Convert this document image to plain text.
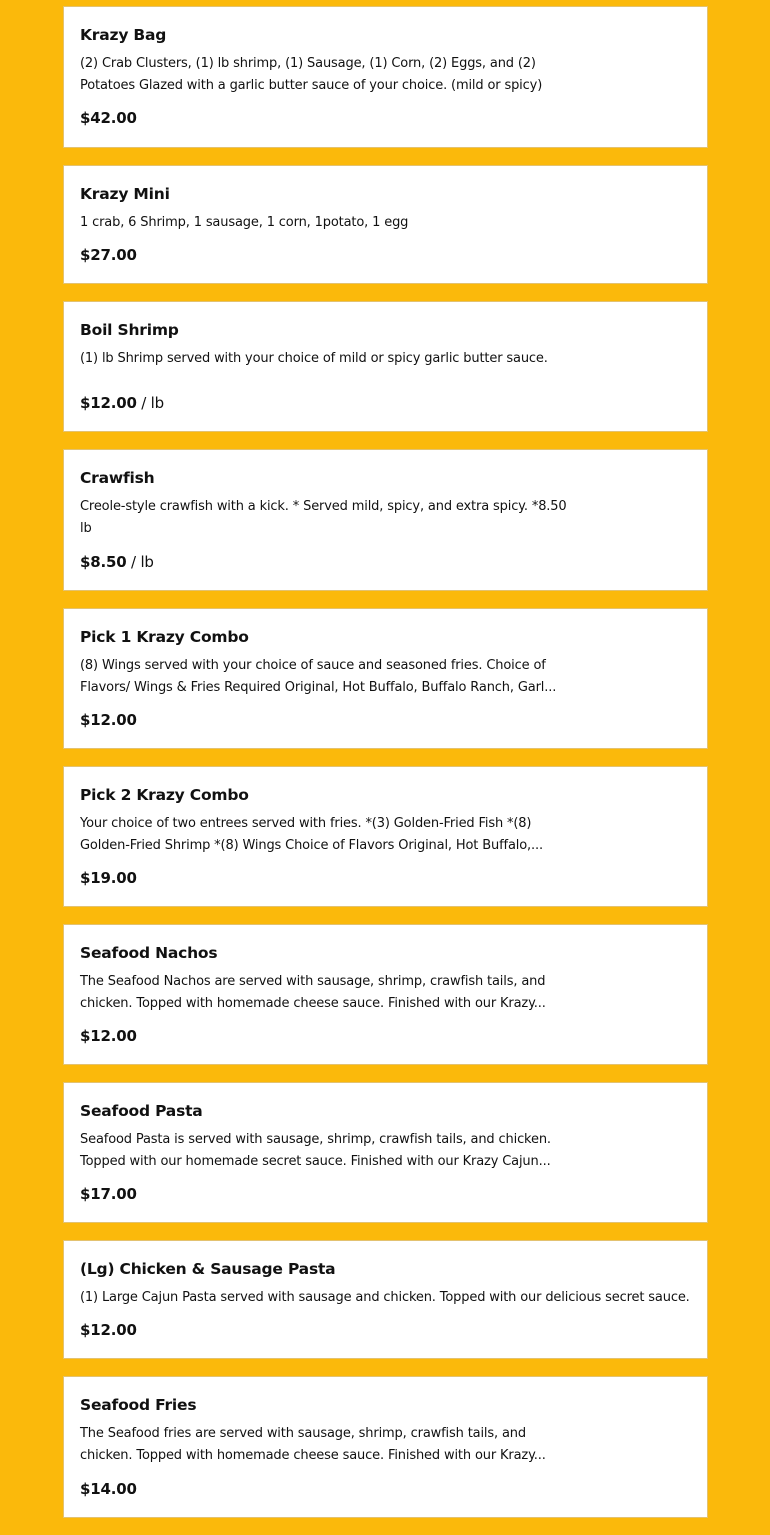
Krazy Bag
(2) Crab Clusters, (1) lb shrimp, (1) Sausage, (1) Corn, (2) Eggs, and (2) Potatoes Glazed with a garlic butter sauce of your choice. (mild or spicy)
$42.00
Krazy Mini
1 crab, 6 Shrimp, 1 sausage, 1 corn, 1potato, 1 egg
$27.00
Boil Shrimp
(1) lb Shrimp served with your choice of mild or spicy garlic butter sauce.
$12.00 / lb
Crawfish
Creole-style crawfish with a kick. * Served mild, spicy, and extra spicy. *8.50 lb
$8.50 / lb
Pick 1 Krazy Combo
(8) Wings served with your choice of sauce and seasoned fries. Choice of Flavors/ Wings & Fries Required Original, Hot Buffalo, Buffalo Ranch, Garl...
$12.00
Pick 2 Krazy Combo
Your choice of two entrees served with fries. *(3) Golden-Fried Fish *(8) Golden-Fried Shrimp *(8) Wings Choice of Flavors Original, Hot Buffalo,...
$19.00
Seafood Nachos
The Seafood Nachos are served with sausage, shrimp, crawfish tails, and chicken. Topped with homemade cheese sauce. Finished with our Krazy...
$12.00
Seafood Pasta
Seafood Pasta is served with sausage, shrimp, crawfish tails, and chicken. Topped with our homemade secret sauce. Finished with our Krazy Cajun...
$17.00
(Lg) Chicken & Sausage Pasta
(1) Large Cajun Pasta served with sausage and chicken. Topped with our delicious secret sauce.
$12.00
Seafood Fries
The Seafood fries are served with sausage, shrimp, crawfish tails, and chicken. Topped with homemade cheese sauce. Finished with our Krazy...
$14.00
